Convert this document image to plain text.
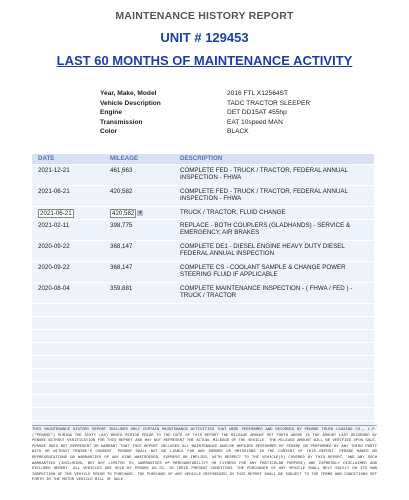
MAINTENANCE HISTORY REPORT
UNIT # 129453
LAST 60 MONTHS OF MAINTENANCE ACTIVITY
Year, Make, Model	2016 FTL X12564ST
Vehicle Description	TADC TRACTOR SLEEPER
Engine	DET DD15AT 455hp
Transmission	EAT 10speed MAN
Color	BLACK
DATE	MILEAGE	DESCRIPTION
2021-12-21	461,663	COMPLETE FED - TRUCK / TRACTOR, FEDERAL ANNUAL INSPECTION - FHWA
2021-06-21	420,582	COMPLETE FED - TRUCK / TRACTOR, FEDERAL ANNUAL INSPECTION - FHWA
2021-06-21	420,582 ▾	TRUCK / TRACTOR, FLUID CHANGE
2021-02-11	398,775	REPLACE - BOTH COUPLERS (GLADHANDS) - SERVICE & EMERGENCY, AIR BRAKES
2020-09-22	368,147	COMPLETE DE1 - DIESEL ENGINE HEAVY DUTY DIESEL FEDERAL ANNUAL INSPECTION
2020-09-22	368,147	COMPLETE CS - COOLANT SAMPLE & CHANGE POWER STEERING FLUID IF APPLICABLE
2020-08-04	359,881	COMPLETE MAINTENANCE INSPECTION - ( FHWA / FED ) - TRUCK / TRACTOR
THIS MAINTENANCE HISTORY REPORT INCLUDES ONLY CERTAIN MAINTENANCE ACTIVITIES THAT WERE PERFORMED AND RECORDED BY PENSKE TRUCK LEASING CO., L.P.("PENSKE") DURING THE SIXTY (60) MONTH PERIOD PRIOR TO THE DATE OF THIS REPORT THE MILEAGE AMOUNT SET FORTH ABOVE IS THE AMOUNT LAST RECORDED BY PENSKE WITHOUT VERIFICATION FOR THIS REPORT AND MAY NOT REPRESENT THE ACTUAL MILEAGE OF THE VEHICLE. THE MILEAGE AMOUNT WILL BE VERIFIED UPON SALE. PENSKE DOES NOT REPRESENT OR WARRANT THAT THIS REPORT INCLUDES ALL MAINTENANCE AND/OR REPAIRS PERFORMED BY PENSKE OR PERFORMED BY ANY THIRD PARTY WITH OR WITHOUT PENSKE'S CONSENT. PENSKE SHALL NOT BE LIABLE FOR ANY ERRORS OR OMISSIONS IN THE CONTENT OF THIS REPORT. PENSKE MAKES NO REPRESENTATIONS OR WARRANTIES OF ANY KIND WHATSOEVER, EXPRESS OR IMPLIED, WITH RESPECT TO THE VEHICLE(S) COVERED BY THIS REPORT, AND ANY SUCH WARRANTIES (INCLUDING, BUT NOT LIMITED TO, WARRANTIES OF MERCHANTABILITY OR FITNESS FOR ANY PARTICULAR PURPOSE) ARE EXPRESSLY DISCLAIMED AND EXCLUDED HEREBY. ALL VEHICLES ARE SOLD BY PENSKE AS-IS, IN THEIR PRESENT CONDITION. THE PURCHASER OF ANY VEHICLE SHALL RELY SOLELY ON ITS OWN INSPECTION OF THE VEHICLE PRIOR TO PURCHASE. THE PURCHASE OF ANY VEHICLE REFERENCED IN THIS REPORT SHALL BE SUBJECT TO THE TERMS AND CONDITIONS SET FORTH IN THE MOTOR VEHICLE BILL OF SALE.
